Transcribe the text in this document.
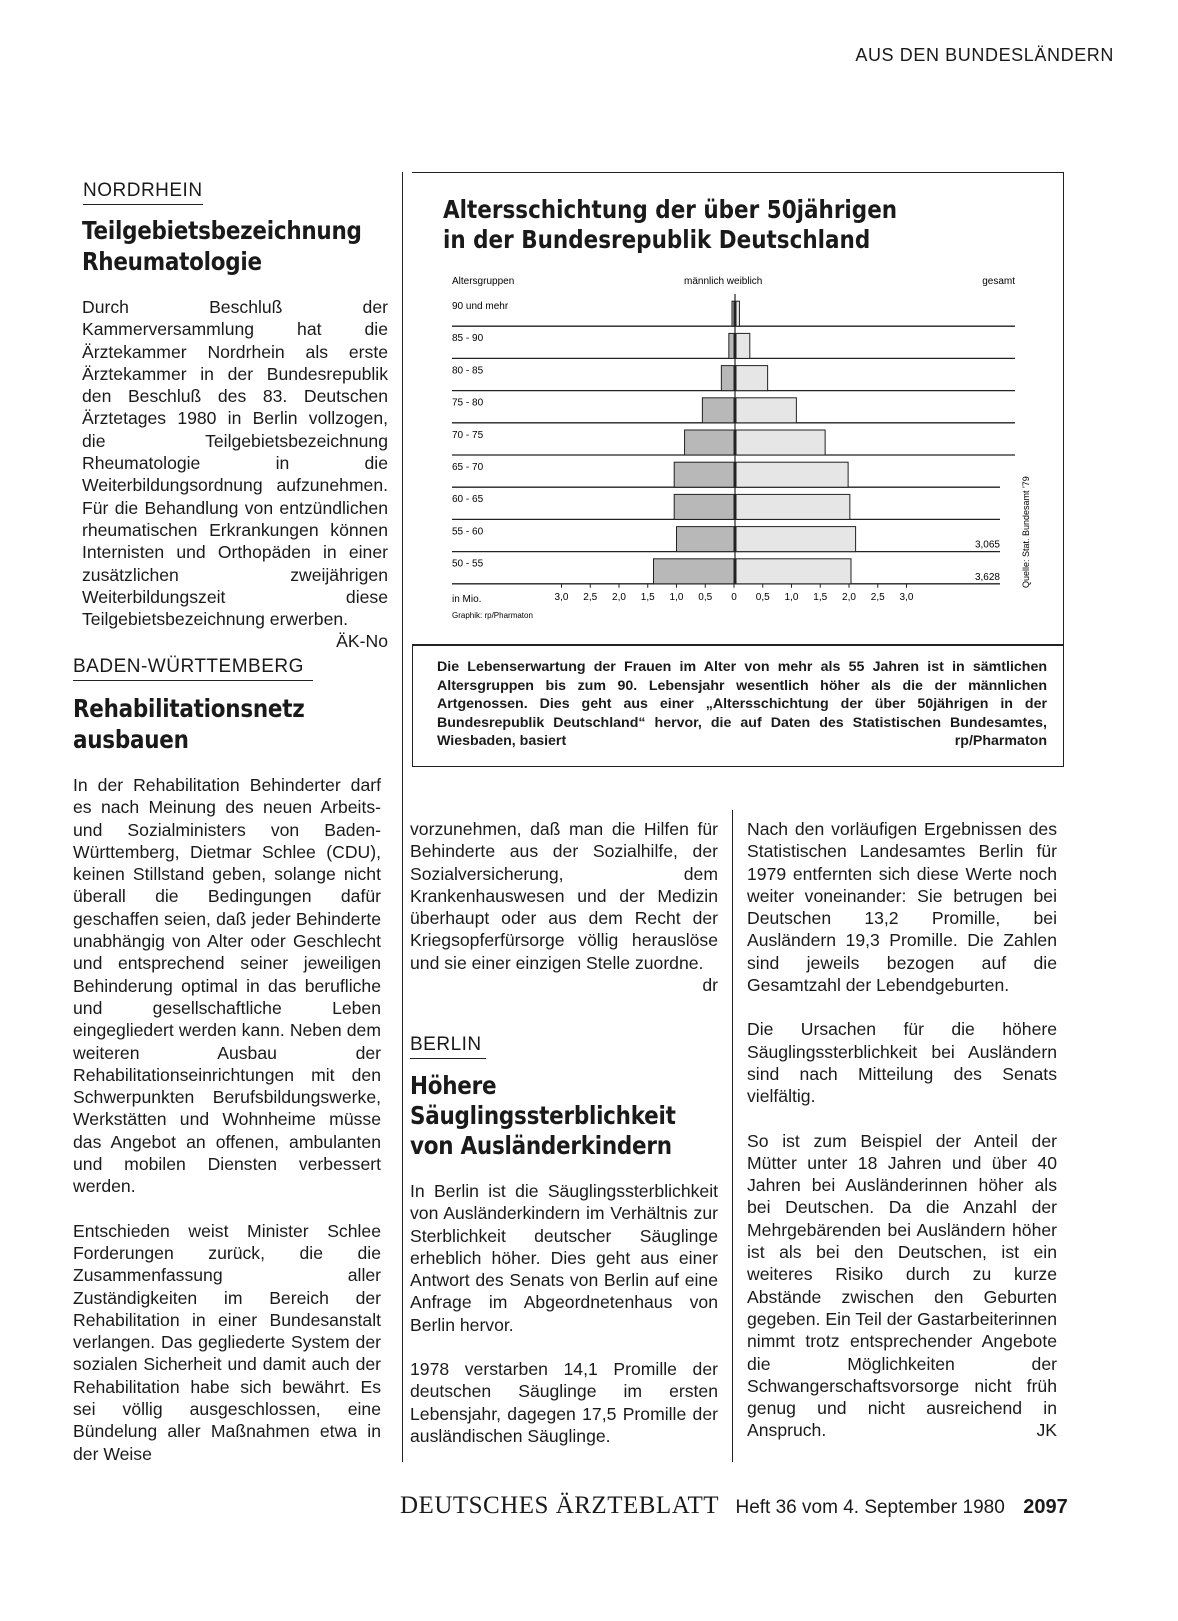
AUS DEN BUNDESLÄNDERN
NORDRHEIN
Teilgebietsbezeichnung
Rheumatologie
Durch Beschluß der Kammerversammlung hat die Ärztekammer Nordrhein als erste Ärztekammer in der Bundesrepublik den Beschluß des 83. Deutschen Ärztetages 1980 in Berlin vollzogen, die Teilgebietsbezeichnung Rheumatologie in die Weiterbildungsordnung aufzunehmen. Für die Behandlung von entzündlichen rheumatischen Erkrankungen können Internisten und Orthopäden in einer zusätzlichen zweijährigen Weiterbildungszeit diese Teilgebietsbezeichnung erwerben.
ÄK-No
BADEN-WÜRTTEMBERG
Rehabilitationsnetz
ausbauen

In der Rehabilitation Behinderter darf es nach Meinung des neuen Arbeits- und Sozialministers von Baden-Württemberg, Dietmar Schlee (CDU), keinen Stillstand geben, solange nicht überall die Bedingungen dafür geschaffen seien, daß jeder Behinderte unabhängig von Alter oder Geschlecht und entsprechend seiner jeweiligen Behinderung optimal in das berufliche und gesellschaftliche Leben eingegliedert werden kann. Neben dem weiteren Ausbau der Rehabilitationseinrichtungen mit den Schwerpunkten Berufsbildungswerke, Werkstätten und Wohnheime müsse das Angebot an offenen, ambulanten und mobilen Diensten verbessert werden.

Entschieden weist Minister Schlee Forderungen zurück, die die Zusammenfassung aller Zuständigkeiten im Bereich der Rehabilitation in einer Bundesanstalt verlangen. Das gegliederte System der sozialen Sicherheit und damit auch der Rehabilitation habe sich bewährt. Es sei völlig ausgeschlossen, eine Bündelung aller Maßnahmen etwa in der Weise

vorzunehmen, daß man die Hilfen für Behinderte aus der Sozialhilfe, der Sozialversicherung, dem Krankenhauswesen und der Medizin überhaupt oder aus dem Recht der Kriegsopferfürsorge völlig herauslöse und sie einer einzigen Stelle zuordne.
dr
BERLIN
Höhere
Säuglingssterblichkeit
von Ausländerkindern

In Berlin ist die Säuglingssterblichkeit von Ausländerkindern im Verhältnis zur Sterblichkeit deutscher Säuglinge erheblich höher. Dies geht aus einer Antwort des Senats von Berlin auf eine Anfrage im Abgeordnetenhaus von Berlin hervor.

1978 verstarben 14,1 Promille der deutschen Säuglinge im ersten Lebensjahr, dagegen 17,5 Promille der ausländischen Säuglinge.

Nach den vorläufigen Ergebnissen des Statistischen Landesamtes Berlin für 1979 entfernten sich diese Werte noch weiter voneinander: Sie betrugen bei Deutschen 13,2 Promille, bei Ausländern 19,3 Promille. Die Zahlen sind jeweils bezogen auf die Gesamtzahl der Lebendgeburten.

Die Ursachen für die höhere Säuglingssterblichkeit bei Ausländern sind nach Mitteilung des Senats vielfältig.

So ist zum Beispiel der Anteil der Mütter unter 18 Jahren und über 40 Jahren bei Ausländerinnen höher als bei Deutschen. Da die Anzahl der Mehrgebärenden bei Ausländern höher ist als bei den Deutschen, ist ein weiteres Risiko durch zu kurze Abstände zwischen den Geburten gegeben. Ein Teil der Gastarbeiterinnen nimmt trotz entsprechender Angebote die Möglichkeiten der Schwangerschaftsvorsorge nicht früh genug und nicht ausreichend in Anspruch.	JK

Altersschichtung der über 50jährigen
in der Bundesrepublik Deutschland
Altersgruppen	männlich weiblich	gesamt
90 und mehr
85 - 90
80 - 85
75 - 80
70 - 75
65 - 70
60 - 65
55 - 60
3,065
50 - 55
3,628
3,0 2,5 2,0 1,5 1,0 0,5 0 0,5 1,0 1,5 2,0 2,5 3,0
in Mio.
Graphik: rp/Pharmaton
Quelle: Stat. Bundesamt '79
Die Lebenserwartung der Frauen im Alter von mehr als 55 Jahren ist in sämtlichen Altersgruppen bis zum 90. Lebensjahr wesentlich höher als die der männlichen Artgenossen. Dies geht aus einer „Altersschichtung der über 50jährigen in der Bundesrepublik Deutschland“ hervor, die auf Daten des Statistischen Bundesamtes, Wiesbaden, basiert	rp/Pharmaton
DEUTSCHES ÄRZTEBLATT Heft 36 vom 4. September 1980 2097
